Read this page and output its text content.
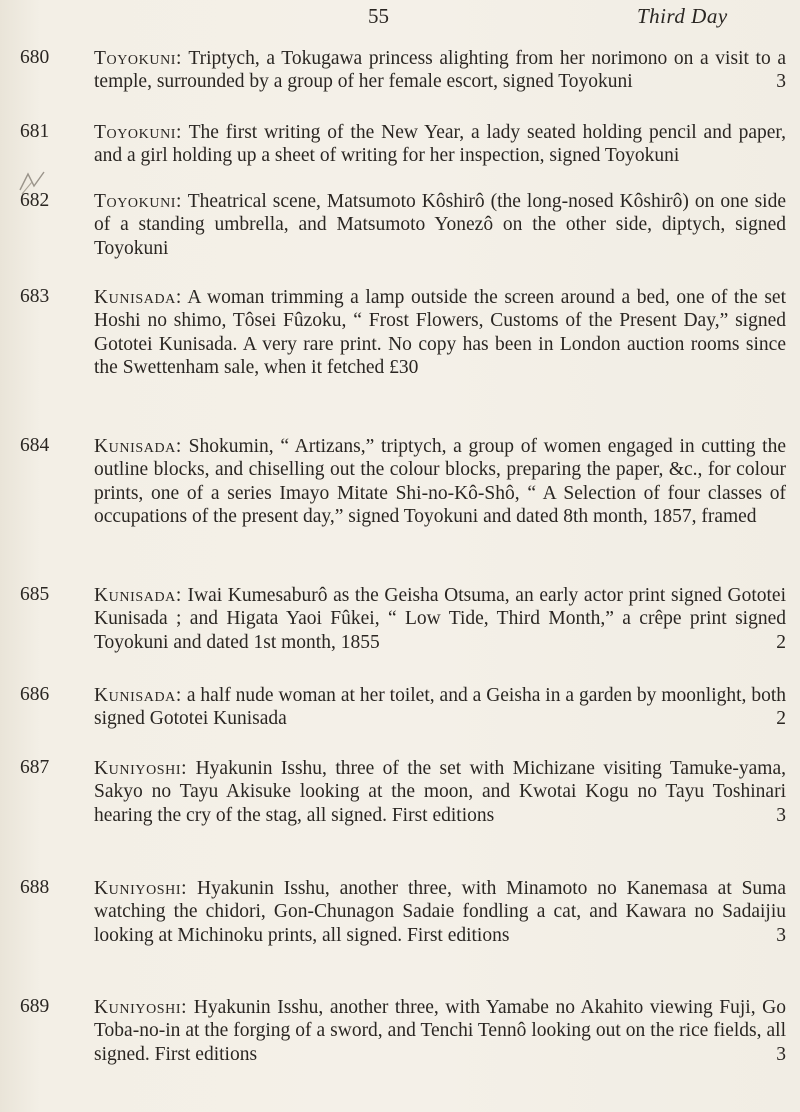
55	Third Day
680	Toyokuni: Triptych, a Tokugawa princess alighting from her norimono on a visit to a temple, surrounded by a group of her female escort, signed Toyokuni	3
681	Toyokuni: The first writing of the New Year, a lady seated holding pencil and paper, and a girl holding up a sheet of writing for her inspection, signed Toyokuni
682	Toyokuni: Theatrical scene, Matsumoto Kôshirô (the long-nosed Kôshirô) on one side of a standing umbrella, and Matsumoto Yonezô on the other side, diptych, signed Toyokuni
683	Kunisada: A woman trimming a lamp outside the screen around a bed, one of the set Hoshi no shimo, Tôsei Fûzoku, “ Frost Flowers, Customs of the Present Day,” signed Gototei Kunisada. A very rare print. No copy has been in London auction rooms since the Swettenham sale, when it fetched £30
684	Kunisada: Shokumin, “ Artizans,” triptych, a group of women engaged in cutting the outline blocks, and chiselling out the colour blocks, preparing the paper, &c., for colour prints, one of a series Imayo Mitate Shi-no-Kô-Shô, “ A Selection of four classes of occupations of the present day,” signed Toyokuni and dated 8th month, 1857, framed
685	Kunisada: Iwai Kumesaburô as the Geisha Otsuma, an early actor print signed Gototei Kunisada ; and Higata Yaoi Fûkei, “ Low Tide, Third Month,” a crêpe print signed Toyokuni and dated 1st month, 1855	2
686	Kunisada: a half nude woman at her toilet, and a Geisha in a garden by moonlight, both signed Gototei Kunisada	2
687	Kuniyoshi: Hyakunin Isshu, three of the set with Michizane visiting Tamuke-yama, Sakyo no Tayu Akisuke looking at the moon, and Kwotai Kogu no Tayu Toshinari hearing the cry of the stag, all signed. First editions	3
688	Kuniyoshi: Hyakunin Isshu, another three, with Minamoto no Kanemasa at Suma watching the chidori, Gon-Chunagon Sadaie fondling a cat, and Kawara no Sadaijiu looking at Michinoku prints, all signed. First editions	3
689	Kuniyoshi: Hyakunin Isshu, another three, with Yamabe no Akahito viewing Fuji, Go Toba-no-in at the forging of a sword, and Tenchi Tennô looking out on the rice fields, all signed. First editions	3
